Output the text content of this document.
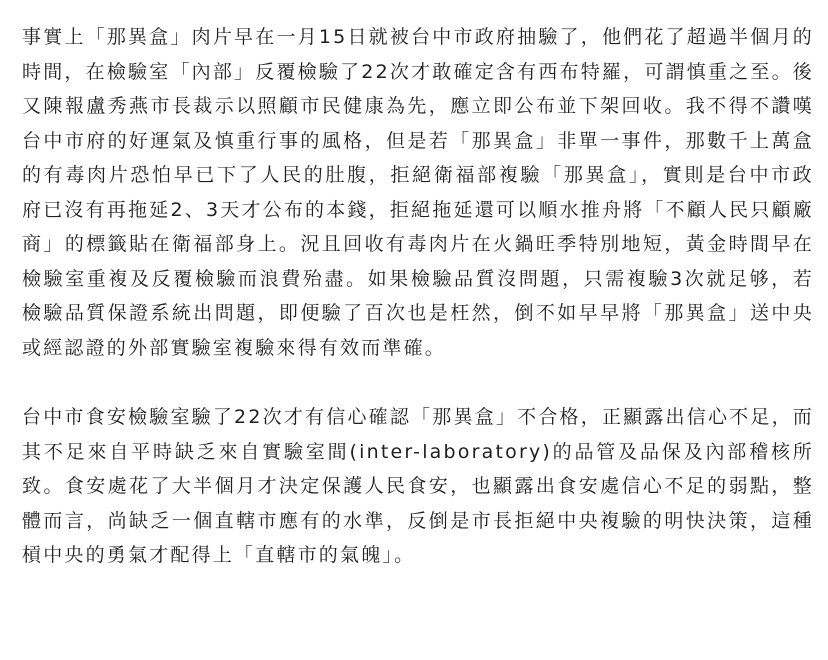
事實上「那異盒」肉片早在一月15日就被台中市政府抽驗了，他們花了超過半個月的時間，在檢驗室「內部」反覆檢驗了22次才敢確定含有西布特羅，可謂慎重之至。後又陳報盧秀燕市長裁示以照顧市民健康為先，應立即公布並下架回收。我不得不讚嘆台中市府的好運氣及慎重行事的風格，但是若「那異盒」非單一事件，那數千上萬盒的有毒肉片恐怕早已下了人民的肚腹，拒絕衛福部複驗「那異盒」，實則是台中市政府已沒有再拖延2、3天才公布的本錢，拒絕拖延還可以順水推舟將「不顧人民只顧廠商」的標籤貼在衛福部身上。況且回收有毒肉片在火鍋旺季特別地短，黃金時間早在檢驗室重複及反覆檢驗而浪費殆盡。如果檢驗品質沒問題，只需複驗3次就足够，若檢驗品質保證系統出問題，即便驗了百次也是枉然，倒不如早早將「那異盒」送中央或經認證的外部實驗室複驗來得有效而準確。

台中市食安檢驗室驗了22次才有信心確認「那異盒」不合格，正顯露出信心不足，而其不足來自平時缺乏來自實驗室間(inter-laboratory)的品管及品保及內部稽核所致。食安處花了大半個月才決定保護人民食安，也顯露出食安處信心不足的弱點，整體而言，尚缺乏一個直轄市應有的水準，反倒是市長拒絕中央複驗的明快決策，這種槓中央的勇氣才配得上「直轄市的氣魄」。
